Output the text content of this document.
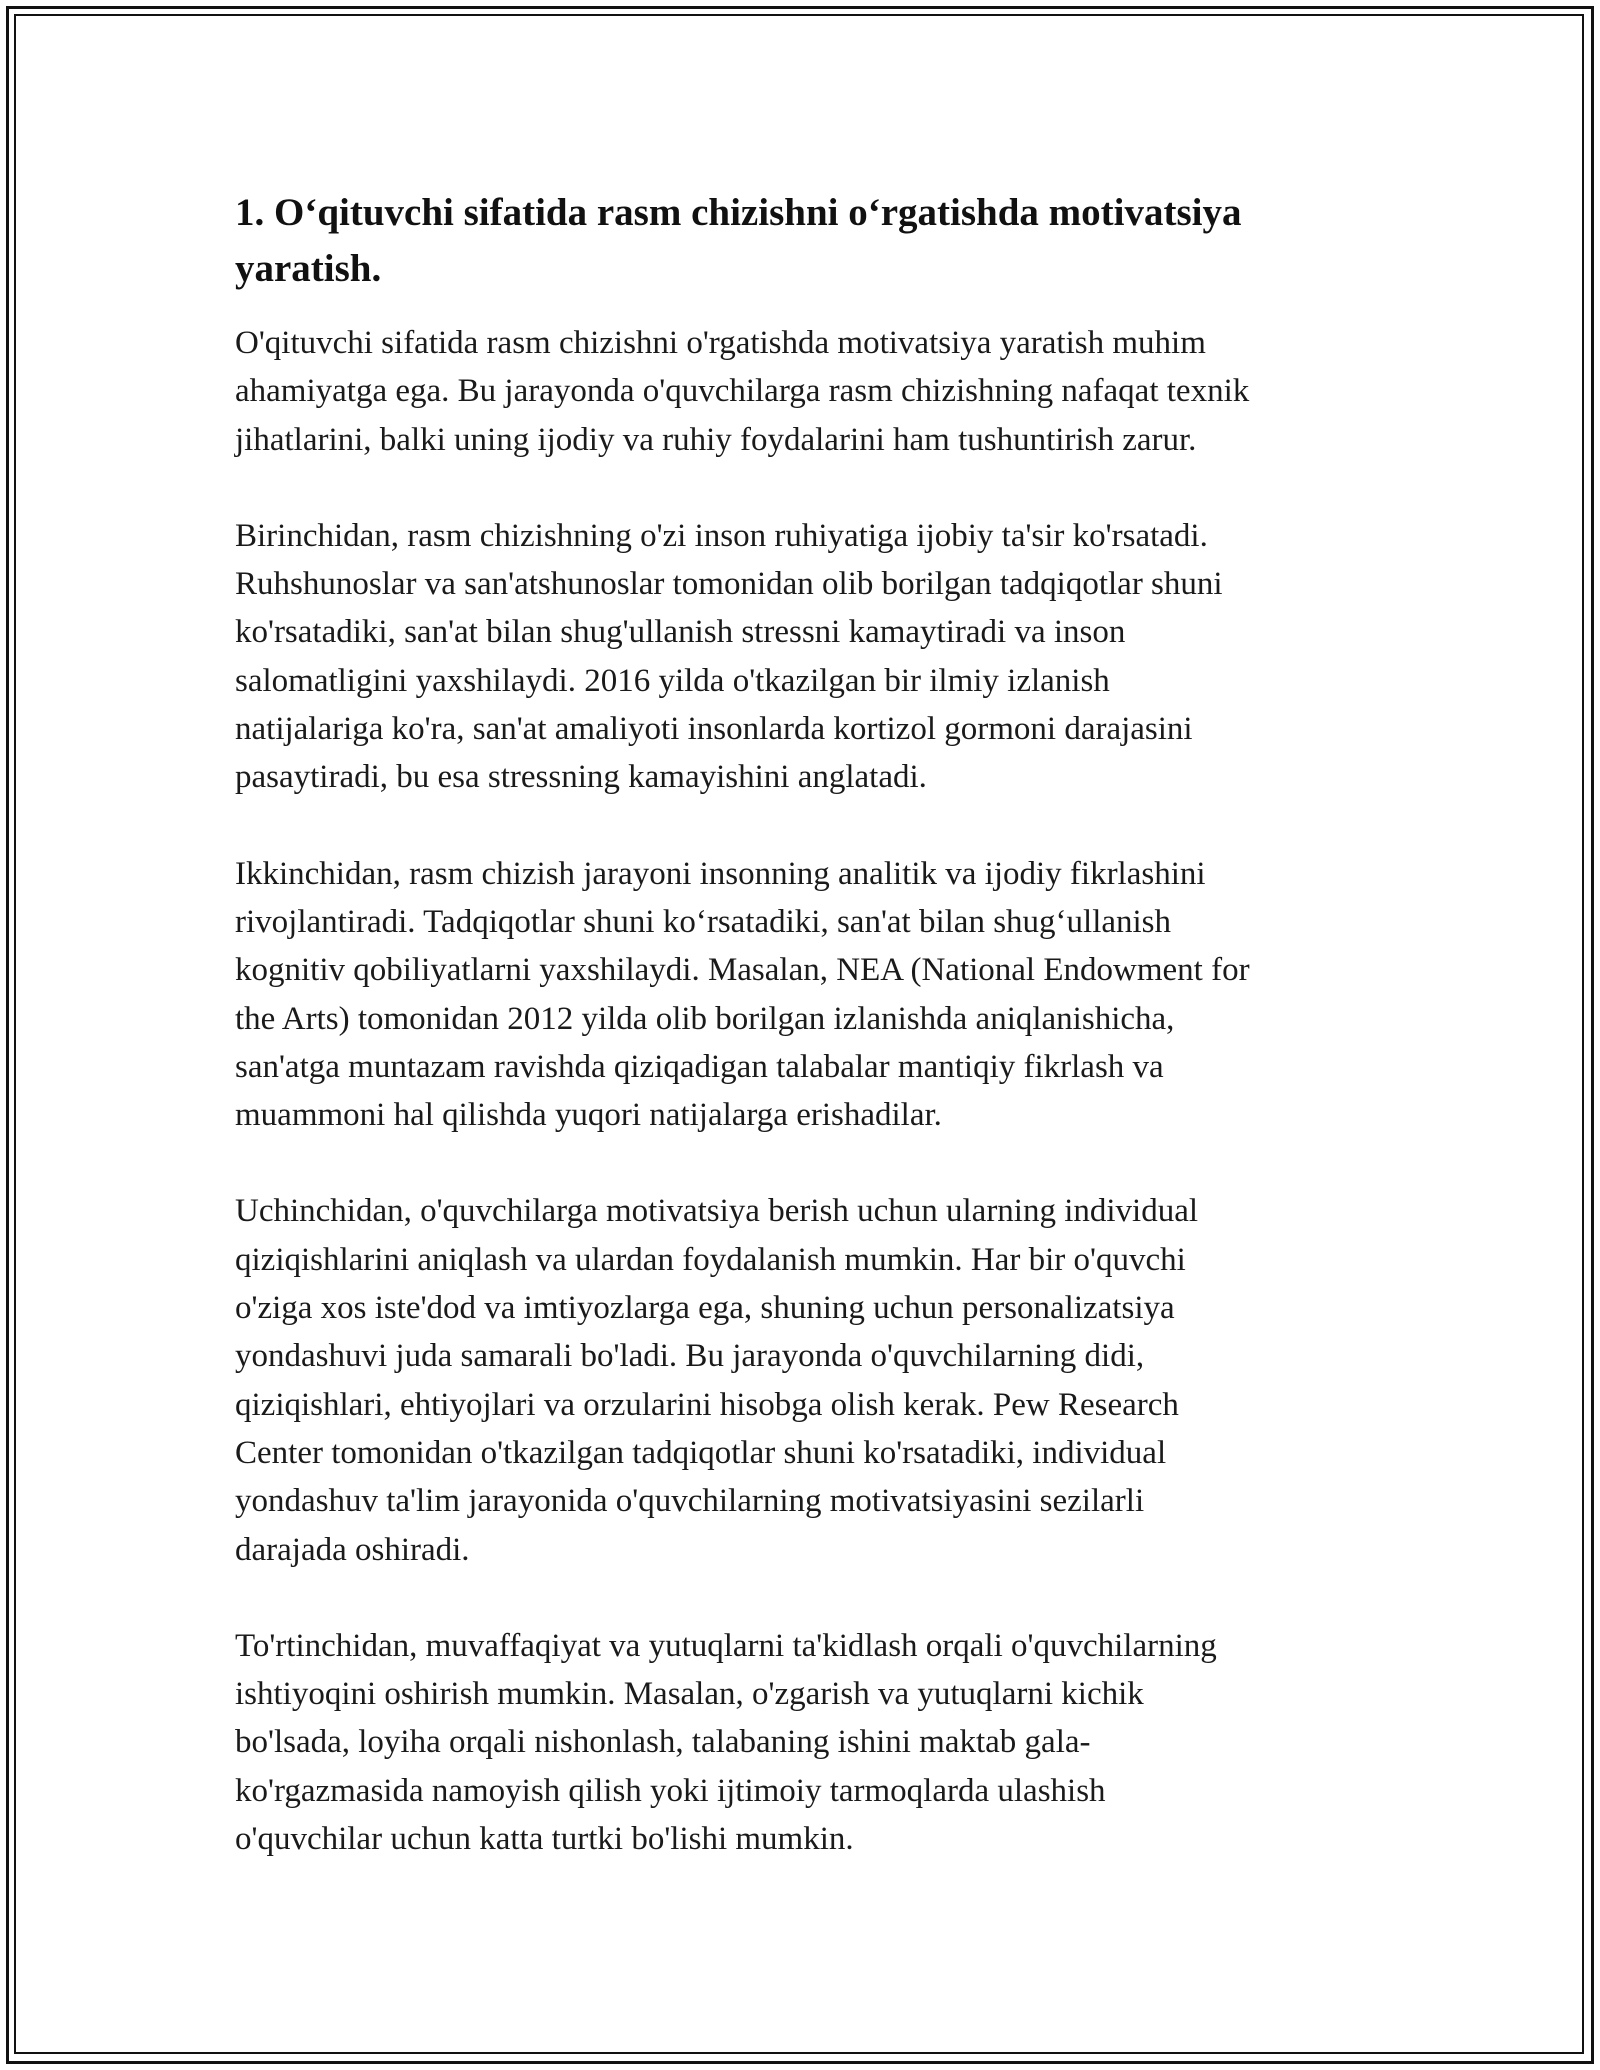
1. O‘qituvchi sifatida rasm chizishni o‘rgatishda motivatsiya
yaratish.

O'qituvchi sifatida rasm chizishni o'rgatishda motivatsiya yaratish muhim
ahamiyatga ega. Bu jarayonda o'quvchilarga rasm chizishning nafaqat texnik
jihatlarini, balki uning ijodiy va ruhiy foydalarini ham tushuntirish zarur.

Birinchidan, rasm chizishning o'zi inson ruhiyatiga ijobiy ta'sir ko'rsatadi.
Ruhshunoslar va san'atshunoslar tomonidan olib borilgan tadqiqotlar shuni
ko'rsatadiki, san'at bilan shug'ullanish stressni kamaytiradi va inson
salomatligini yaxshilaydi. 2016 yilda o'tkazilgan bir ilmiy izlanish
natijalariga ko'ra, san'at amaliyoti insonlarda kortizol gormoni darajasini
pasaytiradi, bu esa stressning kamayishini anglatadi.

Ikkinchidan, rasm chizish jarayoni insonning analitik va ijodiy fikrlashini
rivojlantiradi. Tadqiqotlar shuni ko‘rsatadiki, san'at bilan shug‘ullanish
kognitiv qobiliyatlarni yaxshilaydi. Masalan, NEA (National Endowment for
the Arts) tomonidan 2012 yilda olib borilgan izlanishda aniqlanishicha,
san'atga muntazam ravishda qiziqadigan talabalar mantiqiy fikrlash va
muammoni hal qilishda yuqori natijalarga erishadilar.

Uchinchidan, o'quvchilarga motivatsiya berish uchun ularning individual
qiziqishlarini aniqlash va ulardan foydalanish mumkin. Har bir o'quvchi
o'ziga xos iste'dod va imtiyozlarga ega, shuning uchun personalizatsiya
yondashuvi juda samarali bo'ladi. Bu jarayonda o'quvchilarning didi,
qiziqishlari, ehtiyojlari va orzularini hisobga olish kerak. Pew Research
Center tomonidan o'tkazilgan tadqiqotlar shuni ko'rsatadiki, individual
yondashuv ta'lim jarayonida o'quvchilarning motivatsiyasini sezilarli
darajada oshiradi.

To'rtinchidan, muvaffaqiyat va yutuqlarni ta'kidlash orqali o'quvchilarning
ishtiyoqini oshirish mumkin. Masalan, o'zgarish va yutuqlarni kichik
bo'lsada, loyiha orqali nishonlash, talabaning ishini maktab gala-
ko'rgazmasida namoyish qilish yoki ijtimoiy tarmoqlarda ulashish
o'quvchilar uchun katta turtki bo'lishi mumkin.
